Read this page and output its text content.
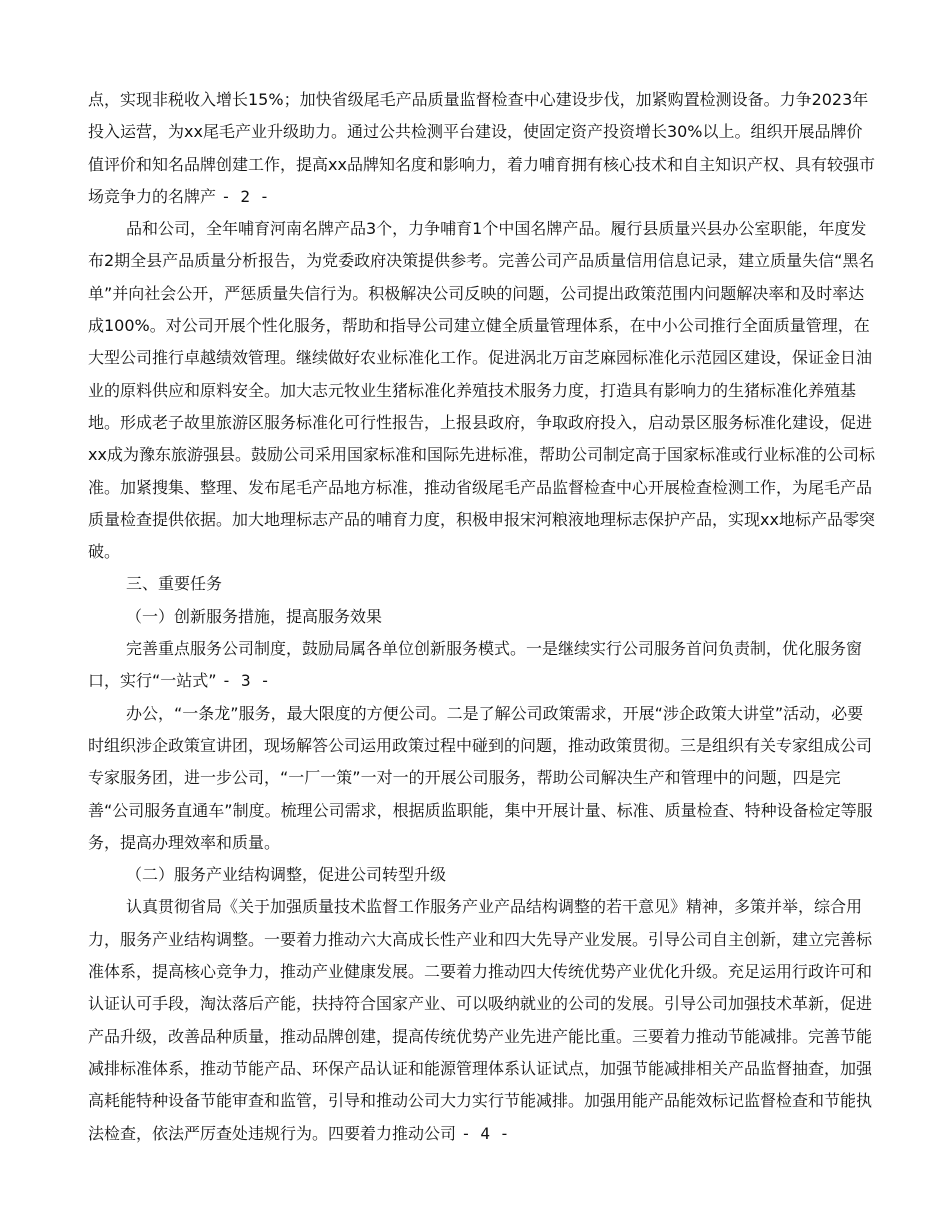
点，实现非税收入增长15%；加快省级尾毛产品质量监督检查中心建设步伐，加紧购置检测设备。力争2023年投入运营，为xx尾毛产业升级助力。通过公共检测平台建设，使固定资产投资增长30%以上。组织开展品牌价值评价和知名品牌创建工作，提高xx品牌知名度和影响力，着力哺育拥有核心技术和自主知识产权、具有较强市场竞争力的名牌产 - 2 -

品和公司，全年哺育河南名牌产品3个，力争哺育1个中国名牌产品。履行县质量兴县办公室职能，年度发布2期全县产品质量分析报告，为党委政府决策提供参考。完善公司产品质量信用信息记录，建立质量失信“黑名单”并向社会公开，严惩质量失信行为。积极解决公司反映的问题，公司提出政策范围内问题解决率和及时率达成100%。对公司开展个性化服务，帮助和指导公司建立健全质量管理体系，在中小公司推行全面质量管理，在大型公司推行卓越绩效管理。继续做好农业标准化工作。促进涡北万亩芝麻园标准化示范园区建设，保证金日油业的原料供应和原料安全。加大志元牧业生猪标准化养殖技术服务力度，打造具有影响力的生猪标准化养殖基地。形成老子故里旅游区服务标准化可行性报告，上报县政府，争取政府投入，启动景区服务标准化建设，促进xx成为豫东旅游强县。鼓励公司采用国家标准和国际先进标准，帮助公司制定高于国家标准或行业标准的公司标准。加紧搜集、整理、发布尾毛产品地方标准，推动省级尾毛产品监督检查中心开展检查检测工作，为尾毛产品质量检查提供依据。加大地理标志产品的哺育力度，积极申报宋河粮液地理标志保护产品，实现xx地标产品零突破。

三、重要任务

（一）创新服务措施，提高服务效果

完善重点服务公司制度，鼓励局属各单位创新服务模式。一是继续实行公司服务首问负责制，优化服务窗口，实行“一站式” - 3 -

办公，“一条龙”服务，最大限度的方便公司。二是了解公司政策需求，开展“涉企政策大讲堂”活动，必要时组织涉企政策宣讲团，现场解答公司运用政策过程中碰到的问题，推动政策贯彻。三是组织有关专家组成公司专家服务团，进一步公司，“一厂一策”一对一的开展公司服务，帮助公司解决生产和管理中的问题，四是完善“公司服务直通车”制度。梳理公司需求，根据质监职能，集中开展计量、标准、质量检查、特种设备检定等服务，提高办理效率和质量。

（二）服务产业结构调整，促进公司转型升级

认真贯彻省局《关于加强质量技术监督工作服务产业产品结构调整的若干意见》精神，多策并举，综合用力，服务产业结构调整。一要着力推动六大高成长性产业和四大先导产业发展。引导公司自主创新，建立完善标准体系，提高核心竞争力，推动产业健康发展。二要着力推动四大传统优势产业优化升级。充足运用行政许可和认证认可手段，淘汰落后产能，扶持符合国家产业、可以吸纳就业的公司的发展。引导公司加强技术革新，促进产品升级，改善品种质量，推动品牌创建，提高传统优势产业先进产能比重。三要着力推动节能减排。完善节能减排标准体系，推动节能产品、环保产品认证和能源管理体系认证试点，加强节能减排相关产品监督抽查，加强高耗能特种设备节能审查和监管，引导和推动公司大力实行节能减排。加强用能产品能效标记监督检查和节能执法检查，依法严厉查处违规行为。四要着力推动公司 - 4 -
